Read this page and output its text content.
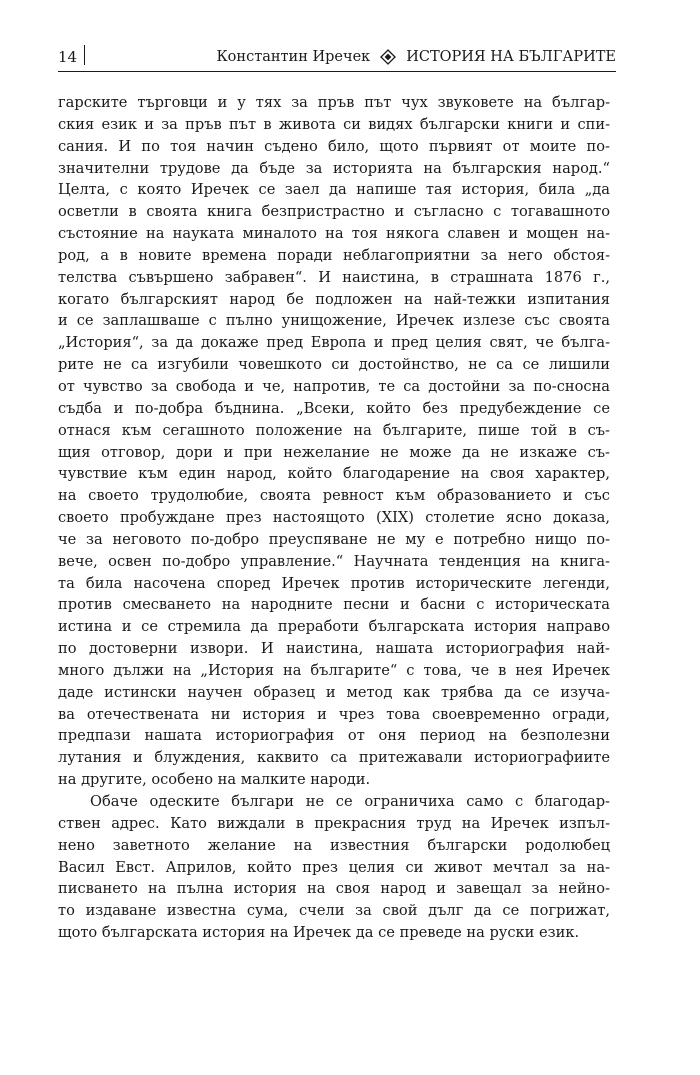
14	Константин Иречек ИСТОРИЯ НА БЪЛГАРИТЕ
гарските търговци и у тях за пръв път чух звуковете на българ-
ския език и за пръв път в живота си видях български книги и спи-
сания. И по тоя начин съдено било, щото първият от моите по-
значителни трудове да бъде за историята на българския народ.“
Целта, с която Иречек се заел да напише тая история, била „да
осветли в своята книга безпристрастно и съгласно с тогавашното
състояние на науката миналото на тоя някога славен и мощен на-
род, а в новите времена поради неблагоприятни за него обстоя-
телства съвършено забравен“. И наистина, в страшната 1876 г.,
когато българският народ бе подложен на най-тежки изпитания
и се заплашваше с пълно унищожение, Иречек излезе със своята
„История“, за да докаже пред Европа и пред целия свят, че бълга-
рите не са изгубили човешкото си достойнство, не са се лишили
от чувство за свобода и че, напротив, те са достойни за по-сносна
съдба и по-добра бъднина. „Всеки, който без предубеждение се
отнася към сегашното положение на българите, пише той в съ-
щия отговор, дори и при нежелание не може да не изкаже съ-
чувствие към един народ, който благодарение на своя характер,
на своето трудолюбие, своята ревност към образованието и със
своето пробуждане през настоящото (XIX) столетие ясно доказа,
че за неговото по-добро преуспяване не му е потребно нищо по-
вече, освен по-добро управление.“ Научната тенденция на книга-
та била насочена според Иречек против историческите легенди,
против смесването на народните песни и басни с историческата
истина и се стремила да преработи българската история направо
по достоверни извори. И наистина, нашата историография най-
много дължи на „История на българите“ с това, че в нея Иречек
даде истински научен образец и метод как трябва да се изуча-
ва отечествената ни история и чрез това своевременно огради,
предпази нашата историография от оня период на безполезни
лутания и блуждения, каквито са притежавали историографиите
на другите, особено на малките народи.
Обаче одеските българи не се ограничиха само с благодар-
ствен адрес. Като виждали в прекрасния труд на Иречек изпъл-
нено заветното желание на известния български родолюбец
Васил Евст. Априлов, който през целия си живот мечтал за на-
писването на пълна история на своя народ и завещал за нейно-
то издаване известна сума, счели за свой дълг да се погрижат,
щото българската история на Иречек да се преведе на руски език.
